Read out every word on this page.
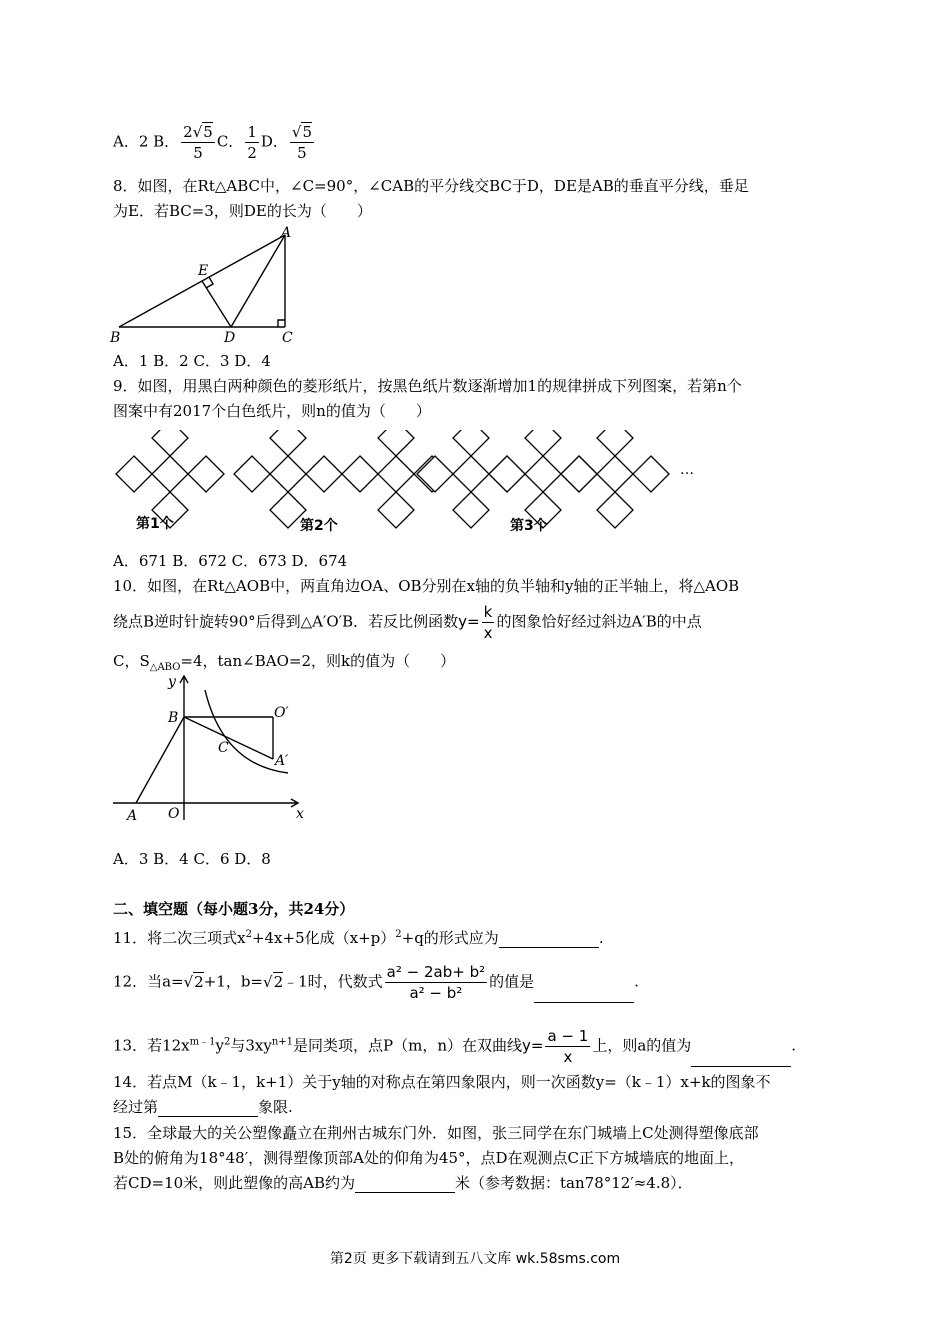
A．2 B． $\frac{2√5}{5}$ C． $\frac{1}{2}$ D． $\frac{√5}{5}$
8．如图，在Rt△ABC中，∠C=90°，∠CAB的平分线交BC于D，DE是AB的垂直平分线，垂足
为E．若BC=3，则DE的长为（　　）
A
B	C
D
E
A．1 B．2 C．3 D．4
9．如图，用黑白两种颜色的菱形纸片，按黑色纸片数逐渐增加1的规律拼成下列图案，若第n个
图案中有2017个白色纸片，则n的值为（　　）
第1个	第2个	第3个
…
A．671 B．672 C．673 D．674
10．如图，在Rt△AOB中，两直角边OA、OB分别在x轴的负半轴和y轴的正半轴上，将△AOB
绕点B逆时针旋转90°后得到△A′O′B．若反比例函数$y= \frac{k}{x}$ 的图象恰好经过斜边A′B的中点
C，$S_{\triangle ABO}=4$，tan∠BAO=2，则k的值为（　　）
y
x
B
O
A
C
O′
A′
A．3 B．4 C．6 D．8
二、填空题（每小题3分，共24分）
11．将二次三项式$x^2+4x+5$化成$(x+p)^2+q$的形式应为	.
12．当a=√2+1，b=√2﹣1时，代数式 $\frac{\text{a² − 2ab+ b²}}{\text{a² − b²}}$ 的值是	.
13．若$12x^{m﹣1}y^2$与$3xy^{n+1}$是同类项，点P（m，n）在双曲线$y= \frac{a - 1}{x}$ 上，则a的值为	.
14．若点M（k﹣1，k+1）关于y轴的对称点在第四象限内，则一次函数y=（k﹣1）x+k的图象不
经过第	象限.
15．全球最大的关公塑像矗立在荆州古城东门外．如图，张三同学在东门城墙上C处测得塑像底部
B处的俯角为18°48′，测得塑像顶部A处的仰角为45°，点D在观测点C正下方城墙底的地面上，
若CD=10米，则此塑像的高AB约为	米（参考数据：tan78°12′≈4.8）．
第2页 更多下载请到五八文库 wk.58sms.com
